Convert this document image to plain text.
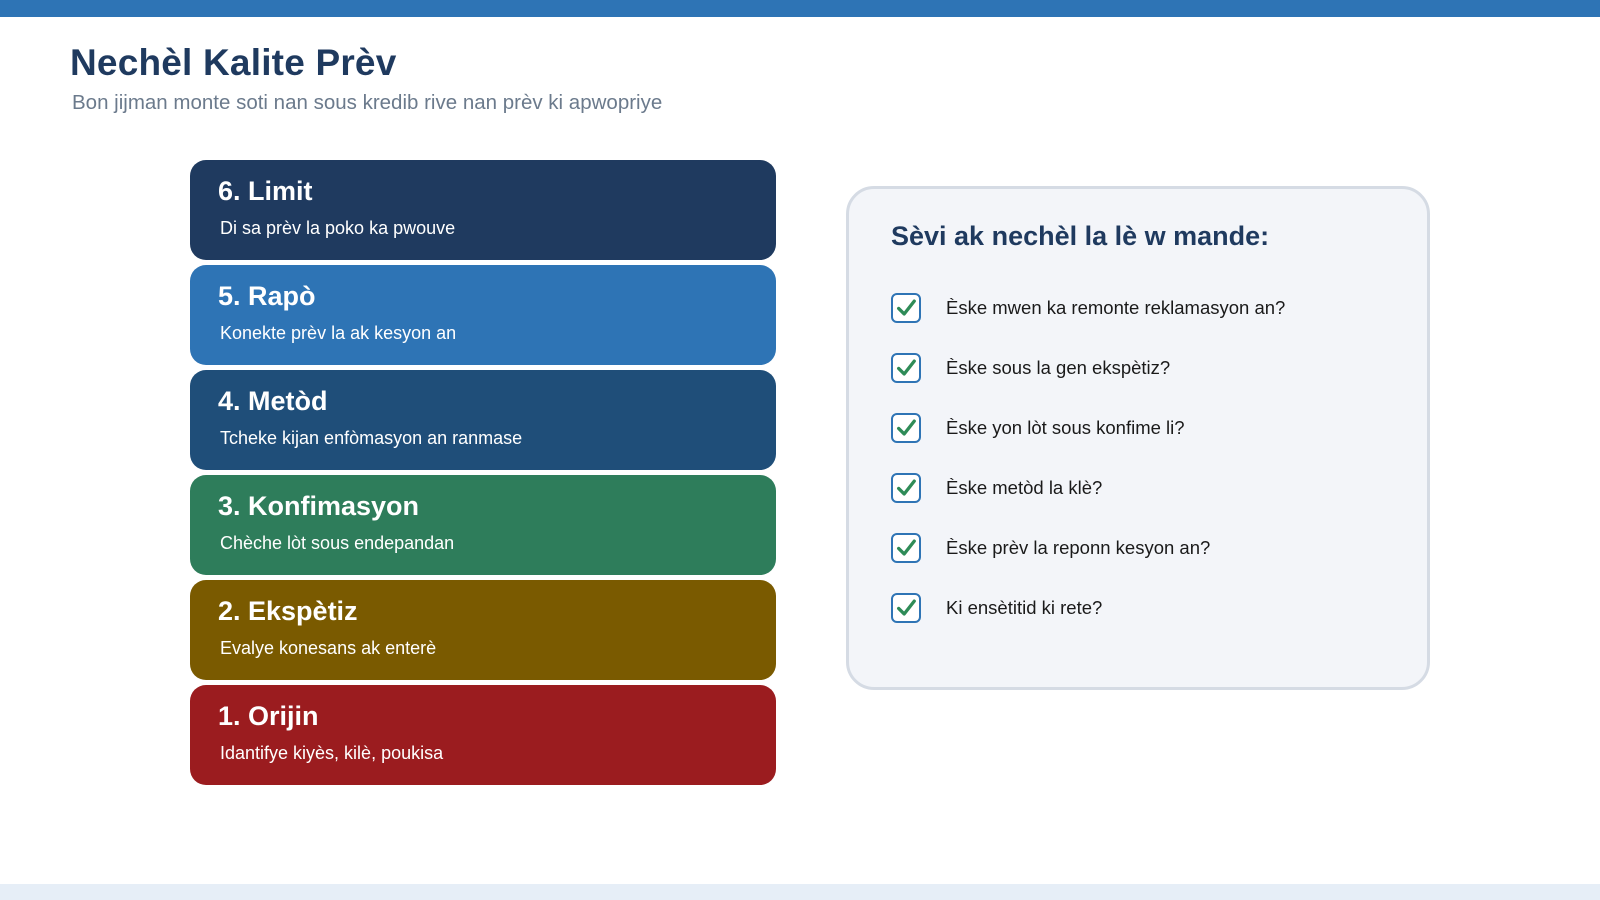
Nechèl Kalite Prèv

Bon jijman monte soti nan sous kredib rive nan prèv ki apwopriye

6. Limit
Di sa prèv la poko ka pwouve
5. Rapò
Konekte prèv la ak kesyon an
4. Metòd
Tcheke kijan enfòmasyon an ranmase
3. Konfimasyon
Chèche lòt sous endepandan
2. Ekspètiz
Evalye konesans ak enterè
1. Orijin
Idantifye kiyès, kilè, poukisa
Sèvi ak nechèl la lè w mande:
Èske mwen ka remonte reklamasyon an?
Èske sous la gen ekspètiz?
Èske yon lòt sous konfime li?
Èske metòd la klè?
Èske prèv la reponn kesyon an?
Ki ensètitid ki rete?
